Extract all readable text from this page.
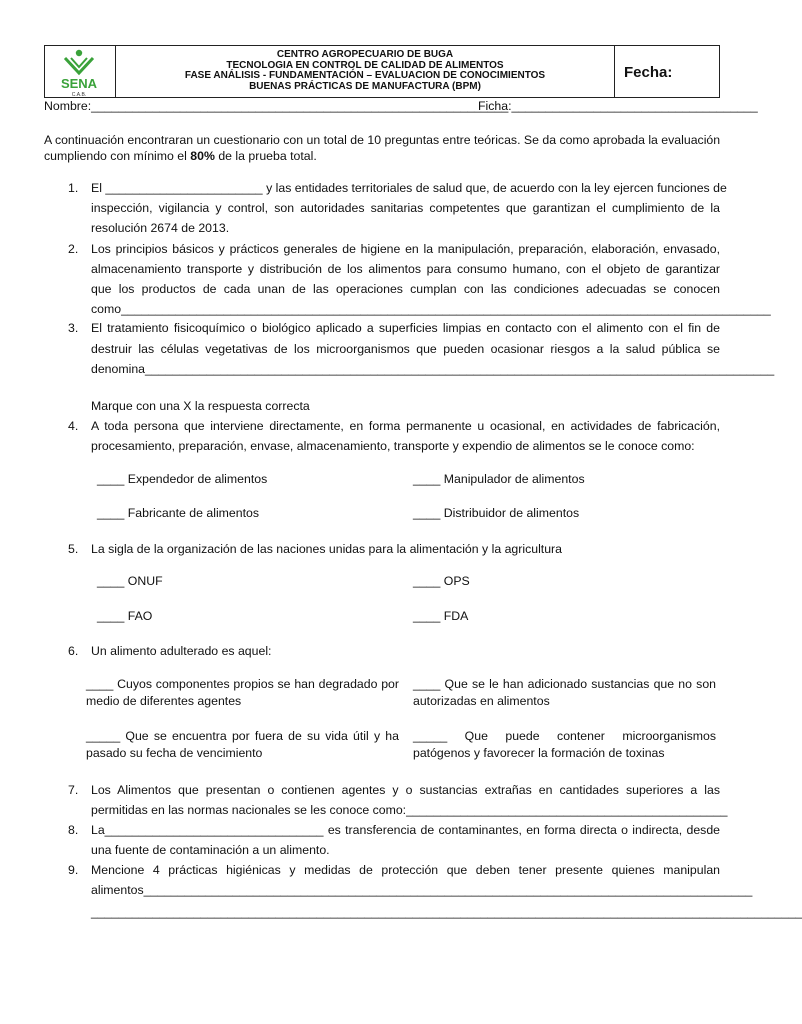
SENA
C.A.B.
CENTRO AGROPECUARIO DE BUGA
TECNOLOGIA EN CONTROL DE CALIDAD DE ALIMENTOS
FASE ANÁLISIS - FUNDAMENTACIÓN – EVALUACION DE CONOCIMIENTOS
BUENAS PRÁCTICAS DE MANUFACTURA (BPM)
Fecha:
Nombre:_____________________________________________________________
Ficha:____________________________________
A continuación encontraran un cuestionario con un total de 10 preguntas entre teóricas. Se da como aprobada la evaluación
cumpliendo con mínimo el 80% de la prueba total.
1. El _______________________ y las entidades territoriales de salud que, de acuerdo con la ley ejercen funciones de
inspección, vigilancia y control, son autoridades sanitarias competentes que garantizan el cumplimiento de la
resolución 2674 de 2013.
2. Los principios básicos y prácticos generales de higiene en la manipulación, preparación, elaboración, envasado,
almacenamiento transporte y distribución de los alimentos para consumo humano, con el objeto de garantizar
que los productos de cada unan de las operaciones cumplan con las condiciones adecuadas se conocen
como_______________________________________________________________________________________________
3. El tratamiento fisicoquímico o biológico aplicado a superficies limpias en contacto con el alimento con el fin de
destruir las células vegetativas de los microorganismos que pueden ocasionar riesgos a la salud pública se
denomina____________________________________________________________________________________________
Marque con una X la respuesta correcta
4. A toda persona que interviene directamente, en forma permanente u ocasional, en actividades de fabricación,
procesamiento, preparación, envase, almacenamiento, transporte y expendio de alimentos se le conoce como:
____ Expendedor de alimentos	____ Manipulador de alimentos
____ Fabricante de alimentos	____ Distribuidor de alimentos
5. La sigla de la organización de las naciones unidas para la alimentación y la agricultura
____ ONUF	____ OPS
____ FAO	____ FDA
6. Un alimento adulterado es aquel:
____ Cuyos componentes propios se han degradado por
medio de diferentes agentes
____ Que se le han adicionado sustancias que no son
autorizadas en alimentos
_____ Que se encuentra por fuera de su vida útil y ha
pasado su fecha de vencimiento
_____ Que puede contener microorganismos
patógenos y favorecer la formación de toxinas
7. Los Alimentos que presentan o contienen agentes y o sustancias extrañas en cantidades superiores a las
permitidas en las normas nacionales se les conoce como:_______________________________________________
8. La________________________________ es transferencia de contaminantes, en forma directa o indirecta, desde
una fuente de contaminación a un alimento.
9. Mencione 4 prácticas higiénicas y medidas de protección que deben tener presente quienes manipulan
alimentos_________________________________________________________________________________________
________________________________________________________________________________________________________
